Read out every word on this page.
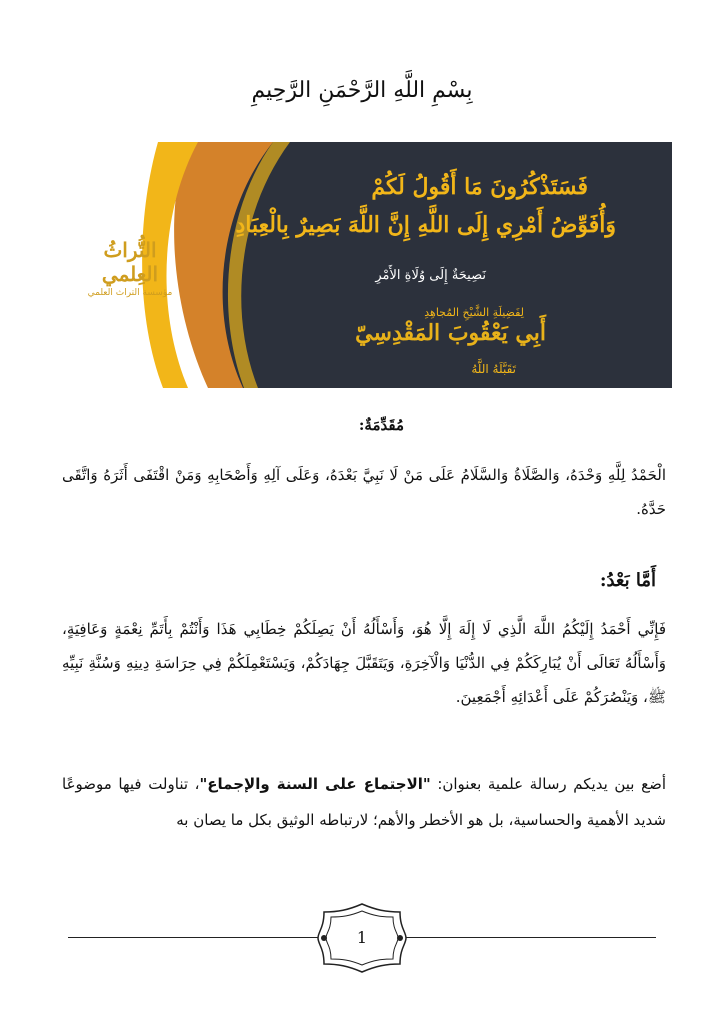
بِسْمِ اللَّهِ الرَّحْمَنِ الرَّحِيمِ
التُّراثُ العِلمي
مؤسسة التراث العلمي
فَسَتَذْكُرُونَ مَا أَقُولُ لَكُمْ
وَأُفَوِّضُ أَمْرِي إِلَى اللَّهِ إِنَّ اللَّهَ بَصِيرٌ بِالْعِبَادِ
نَصِيحَةٌ إِلَى وُلَاةِ الأَمْرِ
لِفَضِيلَةِ الشَّيْخِ المُجاهِدِ
أَبِي يَعْقُوبَ المَقْدِسِيّ
تَقَبَّلَهُ اللَّهُ
مُقَدِّمَةٌ:
الْحَمْدُ لِلَّهِ وَحْدَهُ، وَالصَّلَاةُ وَالسَّلَامُ عَلَى مَنْ لَا نَبِيَّ بَعْدَهُ، وَعَلَى آلِهِ وَأَصْحَابِهِ وَمَنْ اقْتَفَى أَثَرَهُ وَاتَّقَى حَدَّهُ.
أَمَّا بَعْدُ:
فَإِنِّي أَحْمَدُ إِلَيْكُمُ اللَّهَ الَّذِي لَا إِلَهَ إِلَّا هُوَ، وَأَسْأَلُهُ أَنْ يَصِلَكُمْ خِطَابِي هَذَا وَأَنْتُمْ بِأَتَمِّ نِعْمَةٍ وَعَافِيَةٍ، وَأَسْأَلُهُ تَعَالَى أَنْ يُبَارِكَكُمْ فِي الدُّنْيَا وَالْآخِرَةِ، وَيَتَقَبَّلَ جِهَادَكُمْ، وَيَسْتَعْمِلَكُمْ فِي حِرَاسَةِ دِينِهِ وَسُنَّةِ نَبِيِّهِ ﷺ، وَيَنْصُرَكُمْ عَلَى أَعْدَائِهِ أَجْمَعِينَ.
أضع بين يديكم رسالة علمية بعنوان: "الاجتماع على السنة والإجماع"، تناولت فيها موضوعًا شديد الأهمية والحساسية، بل هو الأخطر والأهم؛ لارتباطه الوثيق بكل ما يصان به
1
